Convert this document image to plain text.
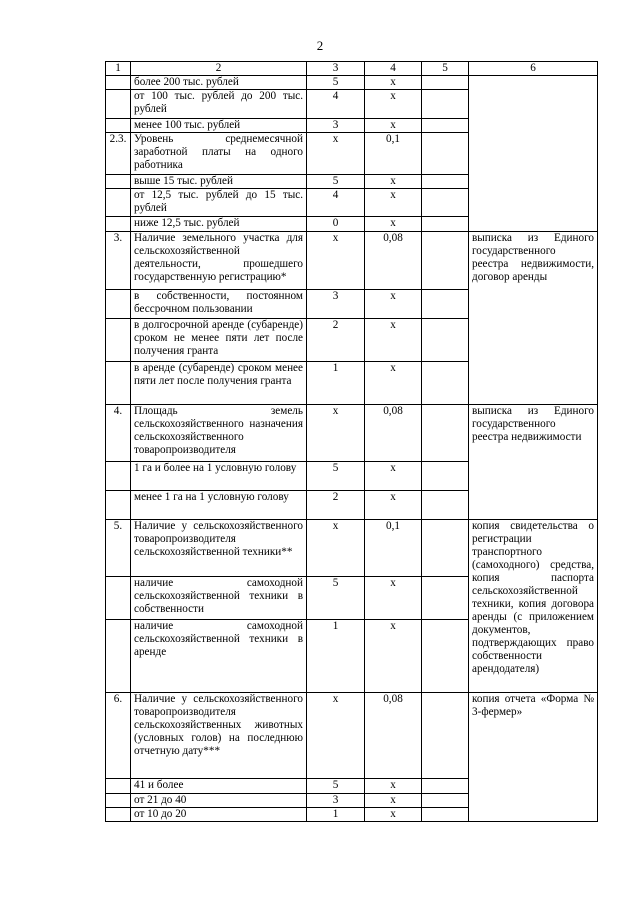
2
1	2	3	4	5	6
	более 200 тыс. рублей	5	х		
	от 100 тыс. рублей до 200 тыс. рублей	4	х		
	менее 100 тыс. рублей	3	х		
2.3.	Уровень среднемесячной заработной платы на одного работника	х	0,1		
	выше 15 тыс. рублей	5	х		
	от 12,5 тыс. рублей до 15 тыс. рублей	4	х		
	ниже 12,5 тыс. рублей	0	х		
3.	Наличие земельного участка для сельскохозяйственной деятельности, прошедшего государственную регистрацию*	х	0,08		выписка из Единого государственного реестра недвижимости, договор аренды
	в собственности, постоянном бессрочном пользовании	3	х		
	в долгосрочной аренде (субаренде) сроком не менее пяти лет после получения гранта	2	х		
	в аренде (субаренде) сроком менее пяти лет после получения гранта	1	х		
4.	Площадь земель сельскохозяйственного назначения сельскохозяйственного товаропроизводителя	х	0,08		выписка из Единого государственного реестра недвижимости
	1 га и более на 1 условную голову	5	х		
	менее 1 га на 1 условную голову	2	х		
5.	Наличие у сельскохозяйственного товаропроизводителя сельскохозяйственной техники**	х	0,1		копия свидетельства о регистрации транспортного (самоходного) средства, копия паспорта сельскохозяйственной техники, копия договора аренды (с приложением документов, подтверждающих право собственности арендодателя)
	наличие самоходной сельскохозяйственной техники в собственности	5	х		
	наличие самоходной сельскохозяйственной техники в аренде	1	х		
6.	Наличие у сельскохозяйственного товаропроизводителя сельскохозяйственных животных (условных голов) на последнюю отчетную дату***	х	0,08		копия отчета «Форма № 3-фермер»
	41 и более	5	х		
	от 21 до 40	3	х		
	от 10 до 20	1	х		
